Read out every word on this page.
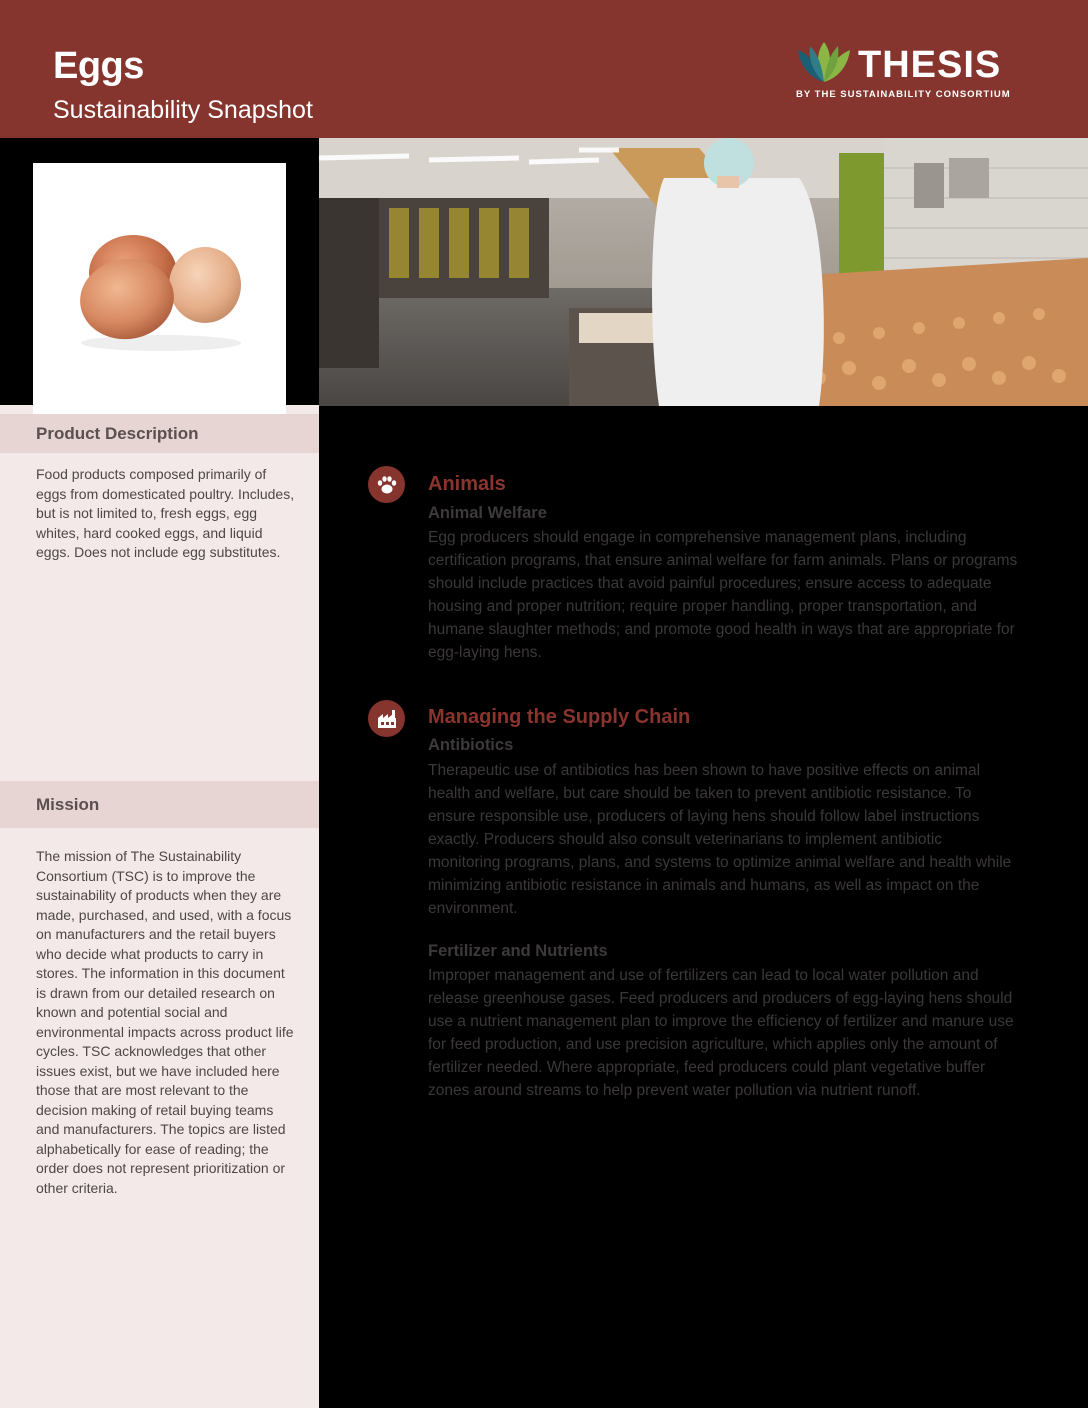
Eggs
Sustainability Snapshot
THESIS
BY THE SUSTAINABILITY CONSORTIUM
Product Description
Food products composed primarily of eggs from domesticated poultry. Includes, but is not limited to, fresh eggs, egg whites, hard cooked eggs, and liquid eggs. Does not include egg substitutes.
Mission
The mission of The Sustainability Consortium (TSC) is to improve the sustainability of products when they are made, purchased, and used, with a focus on manufacturers and the retail buyers who decide what products to carry in stores. The information in this document is drawn from our detailed research on known and potential social and environmental impacts across product life cycles. TSC acknowledges that other issues exist, but we have included here those that are most relevant to the decision making of retail buying teams and manufacturers. The topics are listed alphabetically for ease of reading; the order does not represent prioritization or other criteria.
Animals
Animal Welfare
Egg producers should engage in comprehensive management plans, including certification programs, that ensure animal welfare for farm animals. Plans or programs should include practices that avoid painful procedures; ensure access to adequate housing and proper nutrition; require proper handling, proper transportation, and humane slaughter methods; and promote good health in ways that are appropriate for egg-laying hens.
Managing the Supply Chain
Antibiotics
Therapeutic use of antibiotics has been shown to have positive effects on animal health and welfare, but care should be taken to prevent antibiotic resistance. To ensure responsible use, producers of laying hens should follow label instructions exactly. Producers should also consult veterinarians to implement antibiotic monitoring programs, plans, and systems to optimize animal welfare and health while minimizing antibiotic resistance in animals and humans, as well as impact on the environment.
Fertilizer and Nutrients
Improper management and use of fertilizers can lead to local water pollution and release greenhouse gases. Feed producers and producers of egg-laying hens should use a nutrient management plan to improve the efficiency of fertilizer and manure use for feed production, and use precision agriculture, which applies only the amount of fertilizer needed. Where appropriate, feed producers could plant vegetative buffer zones around streams to help prevent water pollution via nutrient runoff.
